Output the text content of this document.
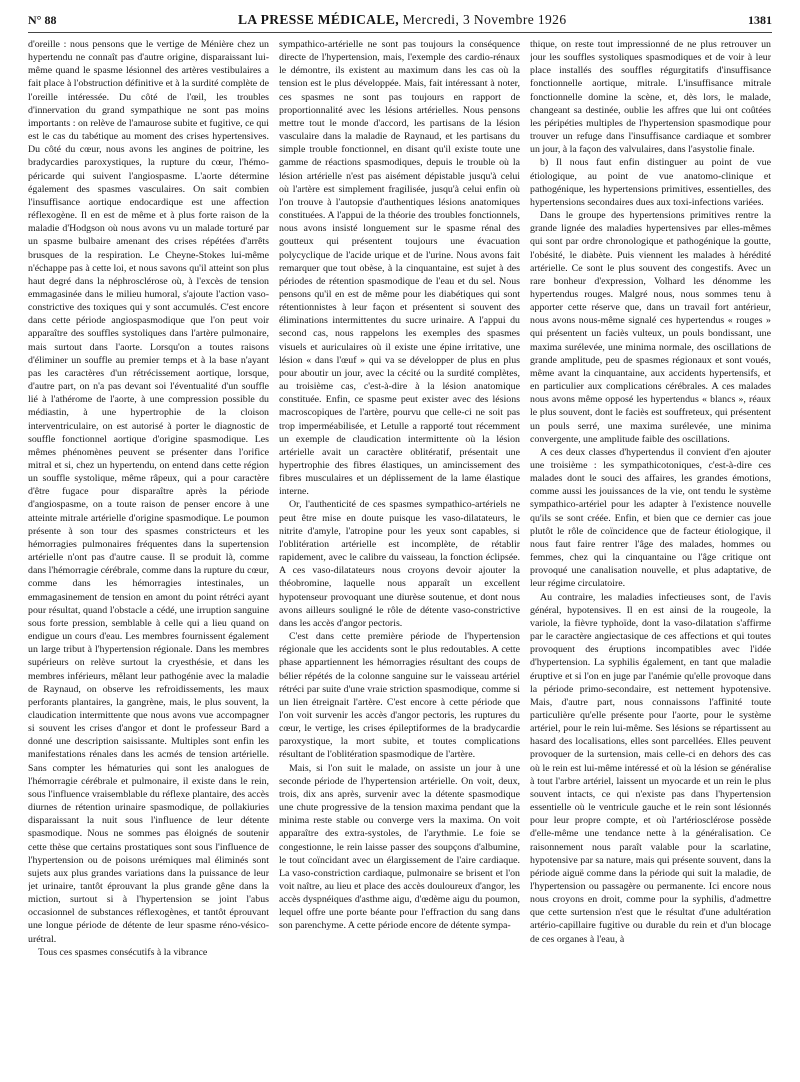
N° 88	LA PRESSE MÉDICALE, Mercredi, 3 Novembre 1926	1381

d'oreille : nous pensons que le vertige de Ménière chez un hypertendu ne connaît pas d'autre origine, disparaissant lui-même quand le spasme lésionnel des artères vestibulaires a fait place à l'obstruction définitive et à la surdité complète de l'oreille intéressée. Du côté de l'œil, les troubles d'innervation du grand sympathique ne sont pas moins importants : on relève de l'amaurose subite et fugitive, ce qui est le cas du tabétique au moment des crises hypertensives. Du côté du cœur, nous avons les angines de poitrine, les bradycardies paroxystiques, la rupture du cœur, l'hémo-péricarde qui suivent l'angiospasme. L'aorte détermine également des spasmes vasculaires. On sait combien l'insuffisance aortique endocardique est une affection réflexogène. Il en est de même et à plus forte raison de la maladie d'Hodgson où nous avons vu un malade torturé par un spasme bulbaire amenant des crises répétées d'arrêts brusques de la respiration. Le Cheyne-Stokes lui-même n'échappe pas à cette loi, et nous savons qu'il atteint son plus haut degré dans la néphrosclérose où, à l'excès de tension emmagasinée dans le milieu humoral, s'ajoute l'action vaso-constrictive des toxiques qui y sont accumulés. C'est encore dans cette période angiospasmodique que l'on peut voir apparaître des souffles systoliques dans l'artère pulmonaire, mais surtout dans l'aorte. Lorsqu'on a toutes raisons d'éliminer un souffle au premier temps et à la base n'ayant pas les caractères d'un rétrécissement aortique, lorsque, d'autre part, on n'a pas devant soi l'éventualité d'un souffle lié à l'athérome de l'aorte, à une compression possible du médiastin, à une hypertrophie de la cloison interventriculaire, on est autorisé à porter le diagnostic de souffle fonctionnel aortique d'origine spasmodique. Les mêmes phénomènes peuvent se présenter dans l'orifice mitral et si, chez un hypertendu, on entend dans cette région un souffle systolique, même râpeux, qui a pour caractère d'être fugace pour disparaître après la période d'angiospasme, on a toute raison de penser encore à une atteinte mitrale artérielle d'origine spasmodique. Le poumon présente à son tour des spasmes constricteurs et les hémorragies pulmonaires fréquentes dans la supertension artérielle n'ont pas d'autre cause. Il se produit là, comme dans l'hémorragie cérébrale, comme dans la rupture du cœur, comme dans les hémorragies intestinales, un emmagasinement de tension en amont du point rétréci ayant pour résultat, quand l'obstacle a cédé, une irruption sanguine sous forte pression, semblable à celle qui a lieu quand on endigue un cours d'eau. Les membres fournissent également un large tribut à l'hypertension régionale. Dans les membres supérieurs on relève surtout la cryesthésie, et dans les membres inférieurs, mêlant leur pathogénie avec la maladie de Raynaud, on observe les refroidissements, les maux perforants plantaires, la gangrène, mais, le plus souvent, la claudication intermittente que nous avons vue accompagner si souvent les crises d'angor et dont le professeur Bard a donné une description saisissante. Multiples sont enfin les manifestations rénales dans les acmés de tension artérielle. Sans compter les hématuries qui sont les analogues de l'hémorragie cérébrale et pulmonaire, il existe dans le rein, sous l'influence vraisemblable du réflexe plantaire, des accès diurnes de rétention urinaire spasmodique, de pollakiuries disparaissant la nuit sous l'influence de leur détente spasmodique. Nous ne sommes pas éloignés de soutenir cette thèse que certains prostatiques sont sous l'influence de l'hypertension ou de poisons urémiques mal éliminés sont sujets aux plus grandes variations dans la puissance de leur jet urinaire, tantôt éprouvant la plus grande gêne dans la miction, surtout si à l'hypertension se joint l'abus occasionnel de substances réflexogènes, et tantôt éprouvant une longue période de détente de leur spasme réno-vésico-urétral.

Tous ces spasmes consécutifs à la vibrance

sympathico-artérielle ne sont pas toujours la conséquence directe de l'hypertension, mais, l'exemple des cardio-rénaux le démontre, ils existent au maximum dans les cas où la tension est le plus développée. Mais, fait intéressant à noter, ces spasmes ne sont pas toujours en rapport de proportionnalité avec les lésions artérielles. Nous pensons mettre tout le monde d'accord, les partisans de la lésion vasculaire dans la maladie de Raynaud, et les partisans du simple trouble fonctionnel, en disant qu'il existe toute une gamme de réactions spasmodiques, depuis le trouble où la lésion artérielle n'est pas aisément dépistable jusqu'à celui où l'artère est simplement fragilisée, jusqu'à celui enfin où l'on trouve à l'autopsie d'authentiques lésions anatomiques constituées. A l'appui de la théorie des troubles fonctionnels, nous avons insisté longuement sur le spasme rénal des goutteux qui présentent toujours une évacuation polycyclique de l'acide urique et de l'urine. Nous avons fait remarquer que tout obèse, à la cinquantaine, est sujet à des périodes de rétention spasmodique de l'eau et du sel. Nous pensons qu'il en est de même pour les diabétiques qui sont rétentionnistes à leur façon et présentent si souvent des éliminations intermittentes du sucre urinaire. A l'appui du second cas, nous rappelons les exemples des spasmes visuels et auriculaires où il existe une épine irritative, une lésion « dans l'œuf » qui va se développer de plus en plus pour aboutir un jour, avec la cécité ou la surdité complètes, au troisième cas, c'est-à-dire à la lésion anatomique constituée. Enfin, ce spasme peut exister avec des lésions macroscopiques de l'artère, pourvu que celle-ci ne soit pas trop imperméabilisée, et Letulle a rapporté tout récemment un exemple de claudication intermittente où la lésion artérielle avait un caractère oblitératif, présentait une hypertrophie des fibres élastiques, un amincissement des fibres musculaires et un déplissement de la lame élastique interne.

Or, l'authenticité de ces spasmes sympathico-artériels ne peut être mise en doute puisque les vaso-dilatateurs, le nitrite d'amyle, l'atropine pour les yeux sont capables, si l'oblitération artérielle est incomplète, de rétablir rapidement, avec le calibre du vaisseau, la fonction éclipsée. A ces vaso-dilatateurs nous croyons devoir ajouter la théobromine, laquelle nous apparaît un excellent hypotenseur provoquant une diurèse soutenue, et dont nous avons ailleurs souligné le rôle de détente vaso-constrictive dans les accès d'angor pectoris.

C'est dans cette première période de l'hypertension régionale que les accidents sont le plus redoutables. A cette phase appartiennent les hémorragies résultant des coups de bélier répétés de la colonne sanguine sur le vaisseau artériel rétréci par suite d'une vraie striction spasmodique, comme si un lien étreignait l'artère. C'est encore à cette période que l'on voit survenir les accès d'angor pectoris, les ruptures du cœur, le vertige, les crises épileptiformes de la bradycardie paroxystique, la mort subite, et toutes complications résultant de l'oblitération spasmodique de l'artère.

Mais, si l'on suit le malade, on assiste un jour à une seconde période de l'hypertension artérielle. On voit, deux, trois, dix ans après, survenir avec la détente spasmodique une chute progressive de la tension maxima pendant que la minima reste stable ou converge vers la maxima. On voit apparaître des extra-systoles, de l'arythmie. Le foie se congestionne, le rein laisse passer des soupçons d'albumine, le tout coïncidant avec un élargissement de l'aire cardiaque. La vaso-constriction cardiaque, pulmonaire se brisent et l'on voit naître, au lieu et place des accès douloureux d'angor, les accès dyspnéiques d'asthme aigu, d'œdème aigu du poumon, lequel offre une porte béante pour l'effraction du sang dans son parenchyme. A cette période encore de détente sympa-

thique, on reste tout impressionné de ne plus retrouver un jour les souffles systoliques spasmodiques et de voir à leur place installés des souffles régurgitatifs d'insuffisance fonctionnelle aortique, mitrale. L'insuffisance mitrale fonctionnelle domine la scène, et, dès lors, le malade, changeant sa destinée, oublie les affres que lui ont coûtées les péripéties multiples de l'hypertension spasmodique pour trouver un refuge dans l'insuffisance cardiaque et sombrer un jour, à la façon des valvulaires, dans l'asystolie finale.

b) Il nous faut enfin distinguer au point de vue étiologique, au point de vue anatomo-clinique et pathogénique, les hypertensions primitives, essentielles, des hypertensions secondaires dues aux toxi-infections variées.

Dans le groupe des hypertensions primitives rentre la grande lignée des maladies hypertensives par elles-mêmes qui sont par ordre chronologique et pathogénique la goutte, l'obésité, le diabète. Puis viennent les malades à hérédité artérielle. Ce sont le plus souvent des congestifs. Avec un rare bonheur d'expression, Volhard les dénomme les hypertendus rouges. Malgré nous, nous sommes tenu à apporter cette réserve que, dans un travail fort antérieur, nous avons nous-même signalé ces hypertendus « rouges » qui présentent un faciès vulteux, un pouls bondissant, une maxima surélevée, une minima normale, des oscillations de grande amplitude, peu de spasmes régionaux et sont voués, même avant la cinquantaine, aux accidents hypertensifs, et en particulier aux complications cérébrales. A ces malades nous avons même opposé les hypertendus « blancs », réaux le plus souvent, dont le faciès est souffreteux, qui présentent un pouls serré, une maxima surélevée, une minima convergente, une amplitude faible des oscillations.

A ces deux classes d'hypertendus il convient d'en ajouter une troisième : les sympathicotoniques, c'est-à-dire ces malades dont le souci des affaires, les grandes émotions, comme aussi les jouissances de la vie, ont tendu le système sympathico-artériel pour les adapter à l'existence nouvelle qu'ils se sont créée. Enfin, et bien que ce dernier cas joue plutôt le rôle de coïncidence que de facteur étiologique, il nous faut faire rentrer l'âge des malades, hommes ou femmes, chez qui la cinquantaine ou l'âge critique ont provoqué une canalisation nouvelle, et plus adaptative, de leur régime circulatoire.

Au contraire, les maladies infectieuses sont, de l'avis général, hypotensives. Il en est ainsi de la rougeole, la variole, la fièvre typhoïde, dont la vaso-dilatation s'affirme par le caractère angiectasique de ces affections et qui toutes provoquent des éruptions incompatibles avec l'idée d'hypertension. La syphilis également, en tant que maladie éruptive et si l'on en juge par l'anémie qu'elle provoque dans la période primo-secondaire, est nettement hypotensive. Mais, d'autre part, nous connaissons l'affinité toute particulière qu'elle présente pour l'aorte, pour le système artériel, pour le rein lui-même. Ses lésions se répartissent au hasard des localisations, elles sont parcellées. Elles peuvent provoquer de la surtension, mais celle-ci en dehors des cas où le rein est lui-même intéressé et où la lésion se généralise à tout l'arbre artériel, laissent un myocarde et un rein le plus souvent intacts, ce qui n'existe pas dans l'hypertension essentielle où le ventricule gauche et le rein sont lésionnés pour leur propre compte, et où l'artériosclérose possède d'elle-même une tendance nette à la généralisation. Ce raisonnement nous paraît valable pour la scarlatine, hypotensive par sa nature, mais qui présente souvent, dans la période aiguë comme dans la période qui suit la maladie, de l'hypertension ou passagère ou permanente. Ici encore nous nous croyons en droit, comme pour la syphilis, d'admettre que cette surtension n'est que le résultat d'une adultération artério-capillaire fugitive ou durable du rein et d'un blocage de ces organes à l'eau, à
